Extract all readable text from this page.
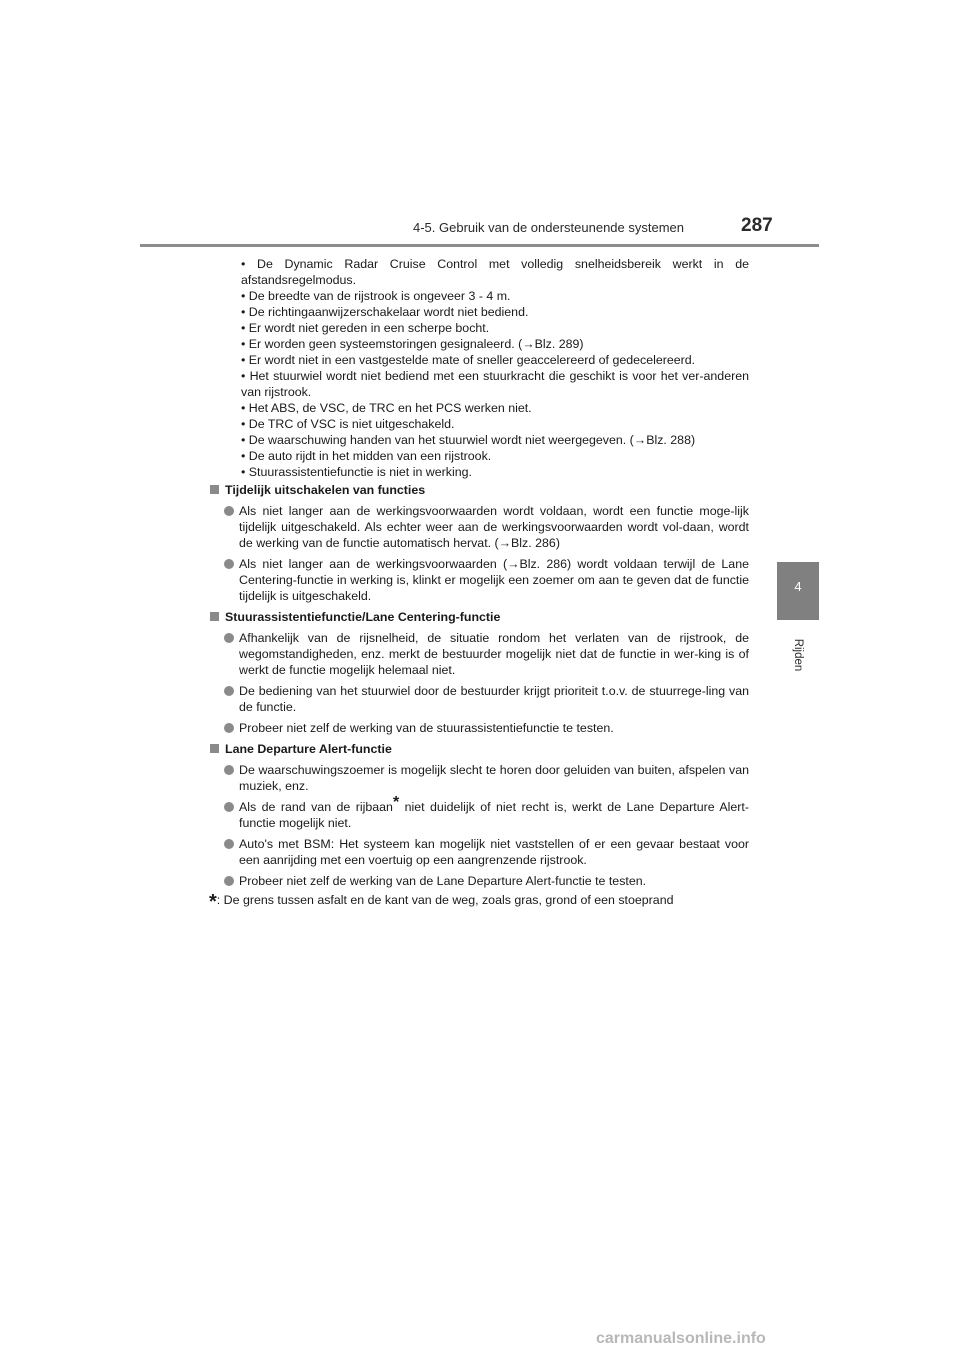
4-5. Gebruik van de ondersteunende systemen	287
4
Rijden
• De Dynamic Radar Cruise Control met volledig snelheidsbereik werkt in de afstandsregelmodus.
• De breedte van de rijstrook is ongeveer 3 - 4 m.
• De richtingaanwijzerschakelaar wordt niet bediend.
• Er wordt niet gereden in een scherpe bocht.
• Er worden geen systeemstoringen gesignaleerd. (→Blz. 289)
• Er wordt niet in een vastgestelde mate of sneller geaccelereerd of gedecelereerd.
• Het stuurwiel wordt niet bediend met een stuurkracht die geschikt is voor het ver-anderen van rijstrook.
• Het ABS, de VSC, de TRC en het PCS werken niet.
• De TRC of VSC is niet uitgeschakeld.
• De waarschuwing handen van het stuurwiel wordt niet weergegeven. (→Blz. 288)
• De auto rijdt in het midden van een rijstrook.
• Stuurassistentiefunctie is niet in werking.
Tijdelijk uitschakelen van functies
Als niet langer aan de werkingsvoorwaarden wordt voldaan, wordt een functie moge-lijk tijdelijk uitgeschakeld. Als echter weer aan de werkingsvoorwaarden wordt vol-daan, wordt de werking van de functie automatisch hervat. (→Blz. 286)
Als niet langer aan de werkingsvoorwaarden (→Blz. 286) wordt voldaan terwijl de Lane Centering-functie in werking is, klinkt er mogelijk een zoemer om aan te geven dat de functie tijdelijk is uitgeschakeld.
Stuurassistentiefunctie/Lane Centering-functie
Afhankelijk van de rijsnelheid, de situatie rondom het verlaten van de rijstrook, de wegomstandigheden, enz. merkt de bestuurder mogelijk niet dat de functie in wer-king is of werkt de functie mogelijk helemaal niet.
De bediening van het stuurwiel door de bestuurder krijgt prioriteit t.o.v. de stuurrege-ling van de functie.
Probeer niet zelf de werking van de stuurassistentiefunctie te testen.
Lane Departure Alert-functie
De waarschuwingszoemer is mogelijk slecht te horen door geluiden van buiten, afspelen van muziek, enz.
Als de rand van de rijbaan* niet duidelijk of niet recht is, werkt de Lane Departure Alert-functie mogelijk niet.
Auto's met BSM: Het systeem kan mogelijk niet vaststellen of er een gevaar bestaat voor een aanrijding met een voertuig op een aangrenzende rijstrook.
Probeer niet zelf de werking van de Lane Departure Alert-functie te testen.
*: De grens tussen asfalt en de kant van de weg, zoals gras, grond of een stoeprand
carmanualsonline.info
